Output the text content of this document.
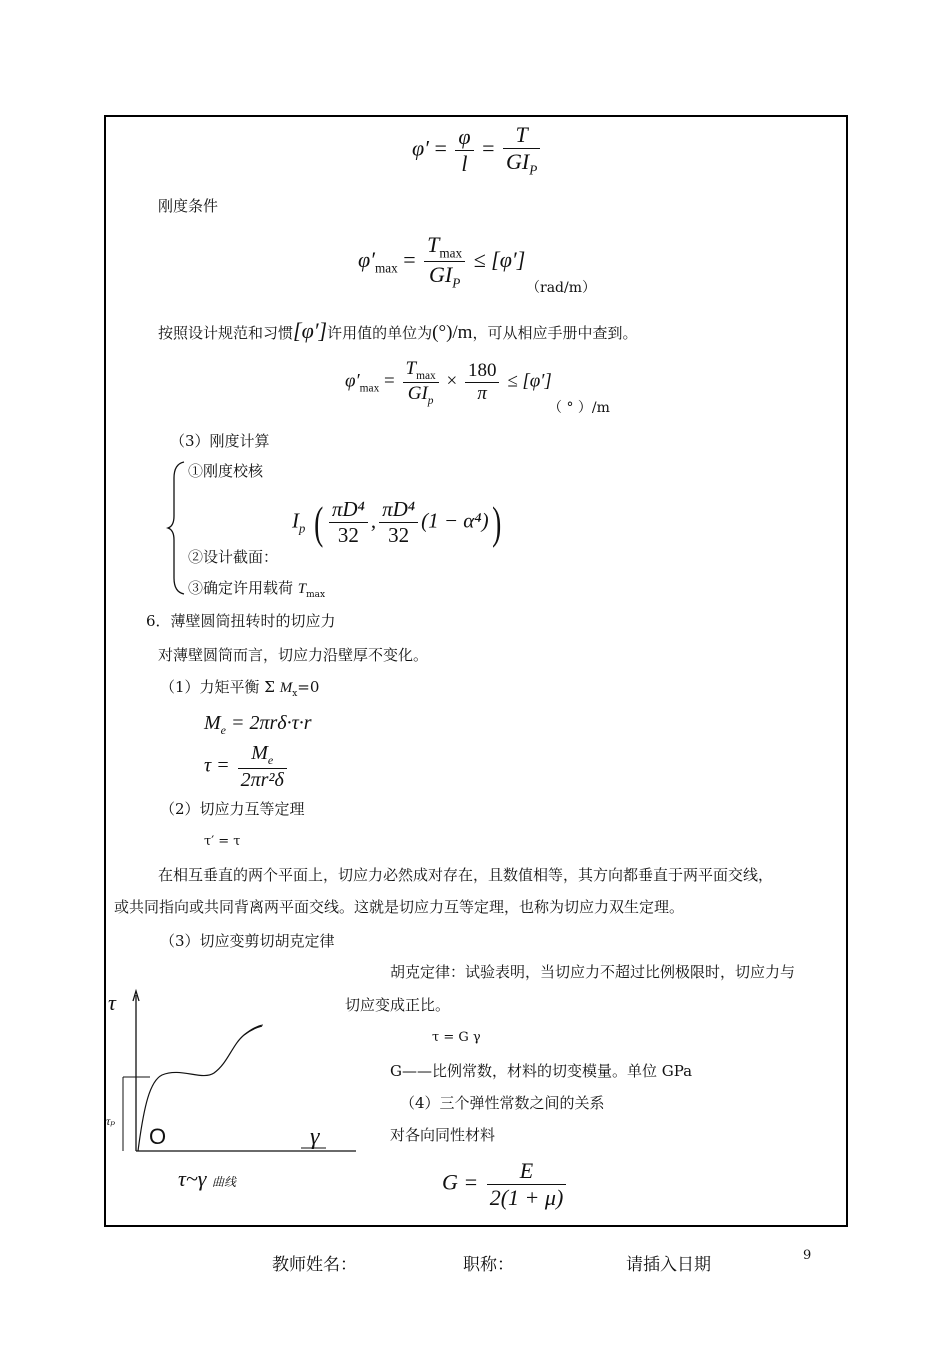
$\varphi' = \frac{\varphi}{l} = \frac{T}{GI_P}$
刚度条件
$\varphi'_{max} = \frac{T_{max}}{GI_P} \le [\varphi']$
（rad/m）
按照设计规范和习惯[φ′]许用值的单位为(°)/m，可从相应手册中查到。
$\varphi'_{max} = \frac{T_{max}}{GI_p} \times \frac{180}{\pi} \le [\varphi']$
（ ° ）/m
（3）刚度计算
①刚度校核
②设计截面：
③确定许用载荷 $T_{max}$
$I_p$ ( $\frac{\text{πD⁴}}{32}$ , $\frac{\text{πD⁴}}{32} (1 - \alpha^4)$)
6．薄壁圆筒扭转时的切应力
对薄壁圆筒而言，切应力沿壁厚不变化。
（1）力矩平衡 Σ $M_x=0$
$M_e = 2\pi r\delta\cdot\tau\cdot r$
$\tau = \frac{M_e}{\text{2πr²δ}}$
（2）切应力互等定理
τ′ = τ
在相互垂直的两个平面上，切应力必然成对存在，且数值相等，其方向都垂直于两平面交线，
或共同指向或共同背离两平面交线。这就是切应力互等定理，也称为切应力双生定理。
（3）切应变剪切胡克定律
胡克定律：试验表明，当切应力不超过比例极限时，切应力与
切应变成正比。
τ = G γ
G——比例常数，材料的切变模量。单位 GPa
（4）三个弹性常数之间的关系
对各向同性材料
$G = \frac{E}{2(1 + \mu)}$
τ
τₚ
O	γ
τ~γ 曲线
教师姓名：	职称：	请插入日期	9
